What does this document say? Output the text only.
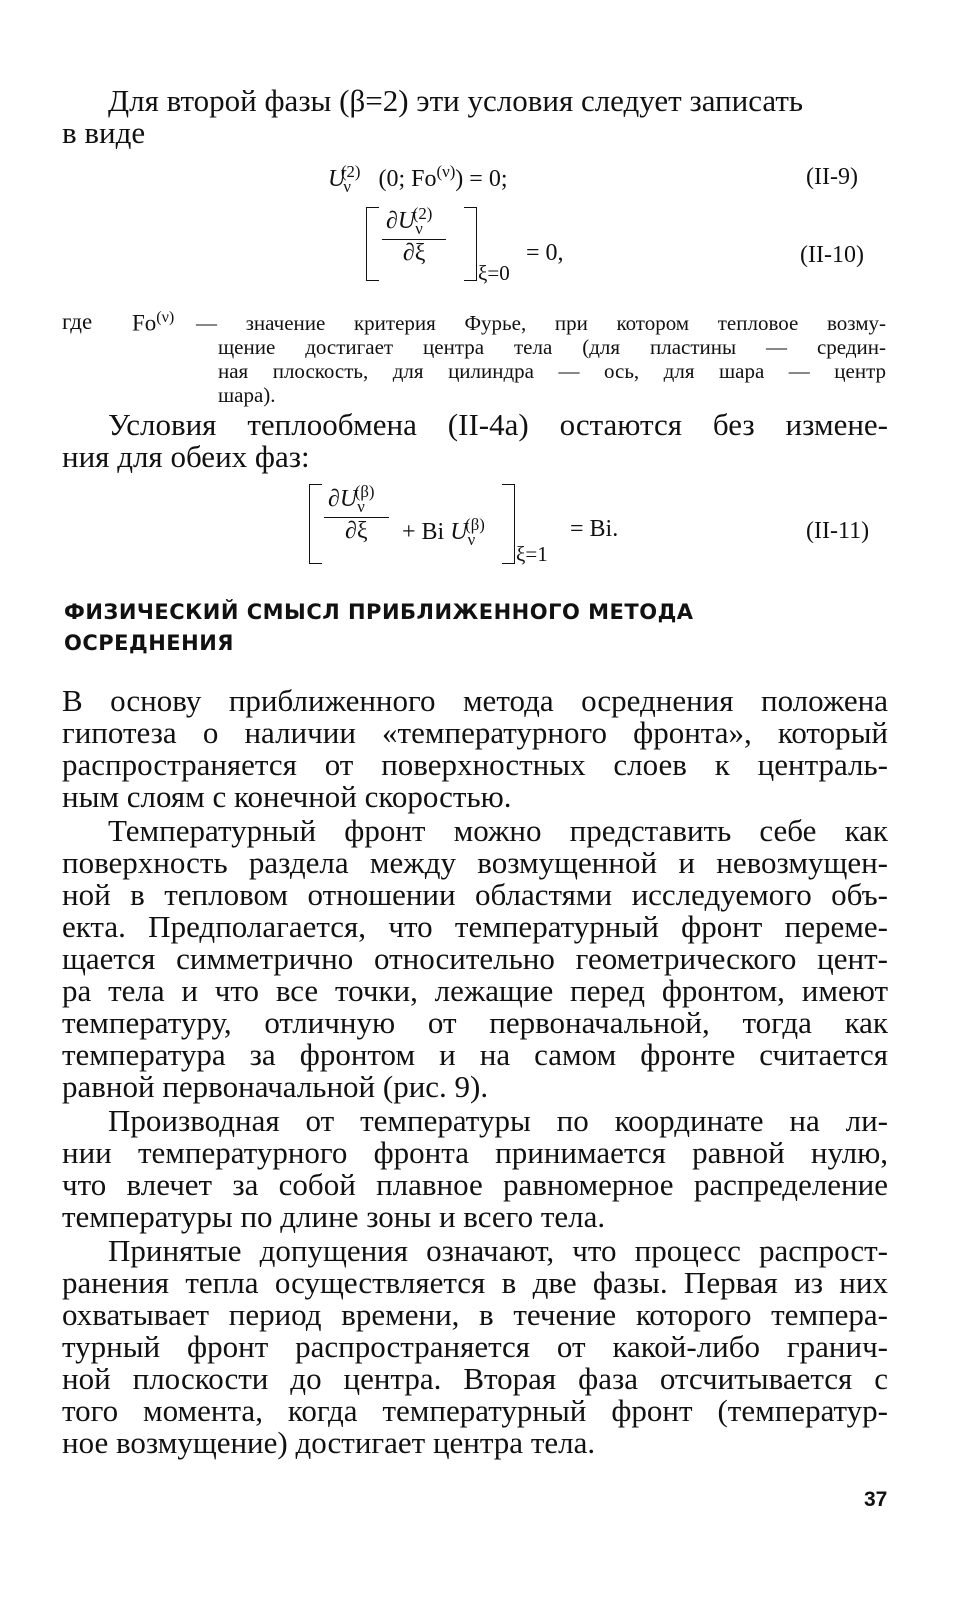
Для второй фазы (β=2) эти условия следует записать
в виде
$U_\nu^{(2)}$ (0; $Fo^{(\nu)}) = 0$;	(II-9)
$\frac{\partial U_\nu^{(2)}}{\partial\xi}$
ξ=0
= 0,	(II-10)
где $Fo^{(\nu)}$ — значение критерия Фурье, при котором тепловое возму-
щение достигает центра тела (для пластины — средин-
ная плоскость, для цилиндра — ось, для шара — центр
шара).
Условия теплообмена (II-4a) остаются без измене-
ния для обеих фаз:
$\frac{\partial U_\nu^{(\beta)}}{\partial\xi} + Bi$ $U_\nu^{(\beta)}$
ξ=1
= Bi.	(II-11)
ФИЗИЧЕСКИЙ СМЫСЛ ПРИБЛИЖЕННОГО МЕТОДА
ОСРЕДНЕНИЯ
В основу приближенного метода осреднения положена
гипотеза о наличии «температурного фронта», который
распространяется от поверхностных слоев к централь-
ным слоям с конечной скоростью.
Температурный фронт можно представить себе как
поверхность раздела между возмущенной и невозмущен-
ной в тепловом отношении областями исследуемого объ-
екта. Предполагается, что температурный фронт переме-
щается симметрично относительно геометрического цент-
ра тела и что все точки, лежащие перед фронтом, имеют
температуру, отличную от первоначальной, тогда как
температура за фронтом и на самом фронте считается
равной первоначальной (рис. 9).
Производная от температуры по координате на ли-
нии температурного фронта принимается равной нулю,
что влечет за собой плавное равномерное распределение
температуры по длине зоны и всего тела.
Принятые допущения означают, что процесс распрост-
ранения тепла осуществляется в две фазы. Первая из них
охватывает период времени, в течение которого темпера-
турный фронт распространяется от какой-либо гранич-
ной плоскости до центра. Вторая фаза отсчитывается с
того момента, когда температурный фронт (температур-
ное возмущение) достигает центра тела.
37
